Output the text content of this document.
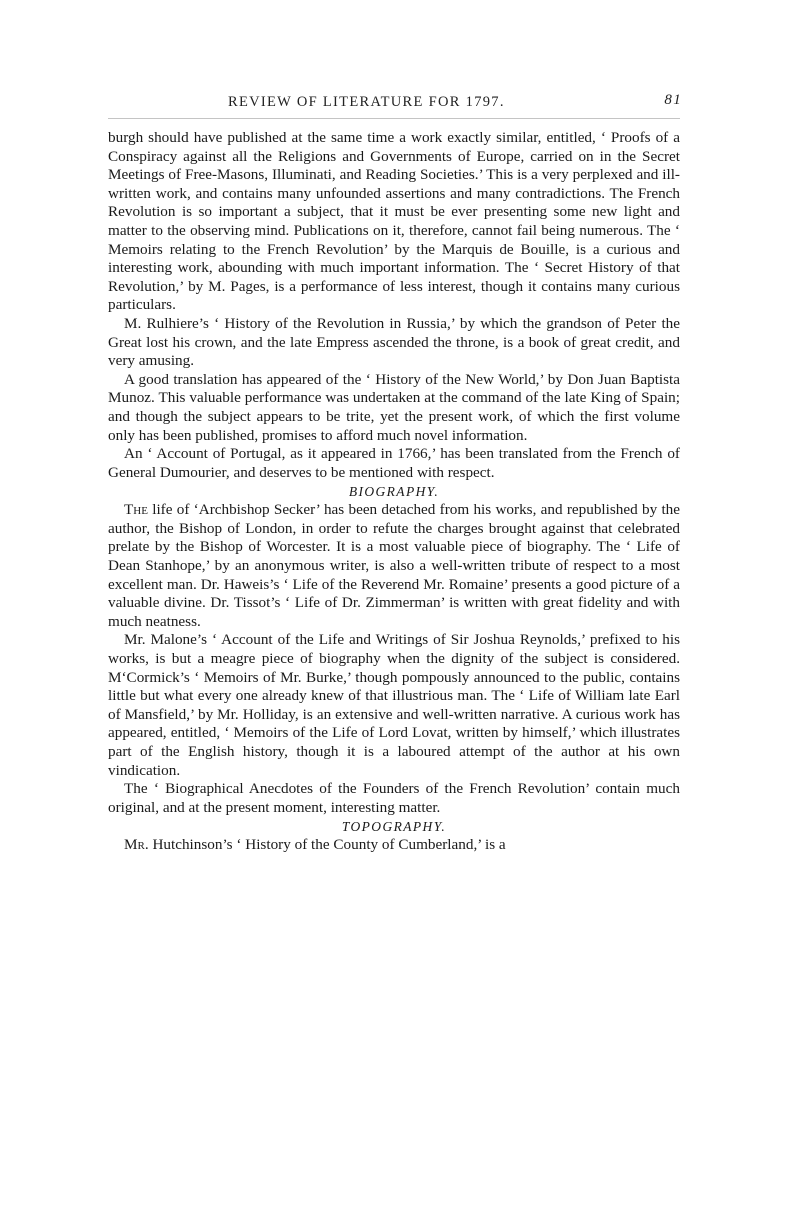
REVIEW OF LITERATURE FOR 1797.	81

burgh should have published at the same time a work exactly similar, entitled, ‘ Proofs of a Conspiracy against all the Religions and Governments of Europe, carried on in the Secret Meetings of Free-Masons, Illuminati, and Reading Societies.’ This is a very perplexed and ill-written work, and contains many unfounded assertions and many contradictions. The French Revolution is so important a subject, that it must be ever presenting some new light and matter to the observing mind. Publications on it, therefore, cannot fail being numerous. The ‘ Memoirs relating to the French Revolution’ by the Marquis de Bouille, is a curious and interesting work, abounding with much important information. The ‘ Secret History of that Revolution,’ by M. Pages, is a performance of less interest, though it contains many curious particulars.

M. Rulhiere’s ‘ History of the Revolution in Russia,’ by which the grandson of Peter the Great lost his crown, and the late Empress ascended the throne, is a book of great credit, and very amusing.

A good translation has appeared of the ‘ History of the New World,’ by Don Juan Baptista Munoz. This valuable performance was undertaken at the command of the late King of Spain; and though the subject appears to be trite, yet the present work, of which the first volume only has been published, promises to afford much novel information.

An ‘ Account of Portugal, as it appeared in 1766,’ has been translated from the French of General Dumourier, and deserves to be mentioned with respect.

BIOGRAPHY.

The life of ‘Archbishop Secker’ has been detached from his works, and republished by the author, the Bishop of London, in order to refute the charges brought against that celebrated prelate by the Bishop of Worcester. It is a most valuable piece of biography. The ‘ Life of Dean Stanhope,’ by an anonymous writer, is also a well-written tribute of respect to a most excellent man. Dr. Haweis’s ‘ Life of the Reverend Mr. Romaine’ presents a good picture of a valuable divine. Dr. Tissot’s ‘ Life of Dr. Zimmerman’ is written with great fidelity and with much neatness.

Mr. Malone’s ‘ Account of the Life and Writings of Sir Joshua Reynolds,’ prefixed to his works, is but a meagre piece of biography when the dignity of the subject is considered. M‘Cormick’s ‘ Memoirs of Mr. Burke,’ though pompously announced to the public, contains little but what every one already knew of that illustrious man. The ‘ Life of William late Earl of Mansfield,’ by Mr. Holliday, is an extensive and well-written narrative. A curious work has appeared, entitled, ‘ Memoirs of the Life of Lord Lovat, written by himself,’ which illustrates part of the English history, though it is a laboured attempt of the author at his own vindication.

The ‘ Biographical Anecdotes of the Founders of the French Revolution’ contain much original, and at the present moment, interesting matter.

TOPOGRAPHY.

Mr. Hutchinson’s ‘ History of the County of Cumberland,’ is a
